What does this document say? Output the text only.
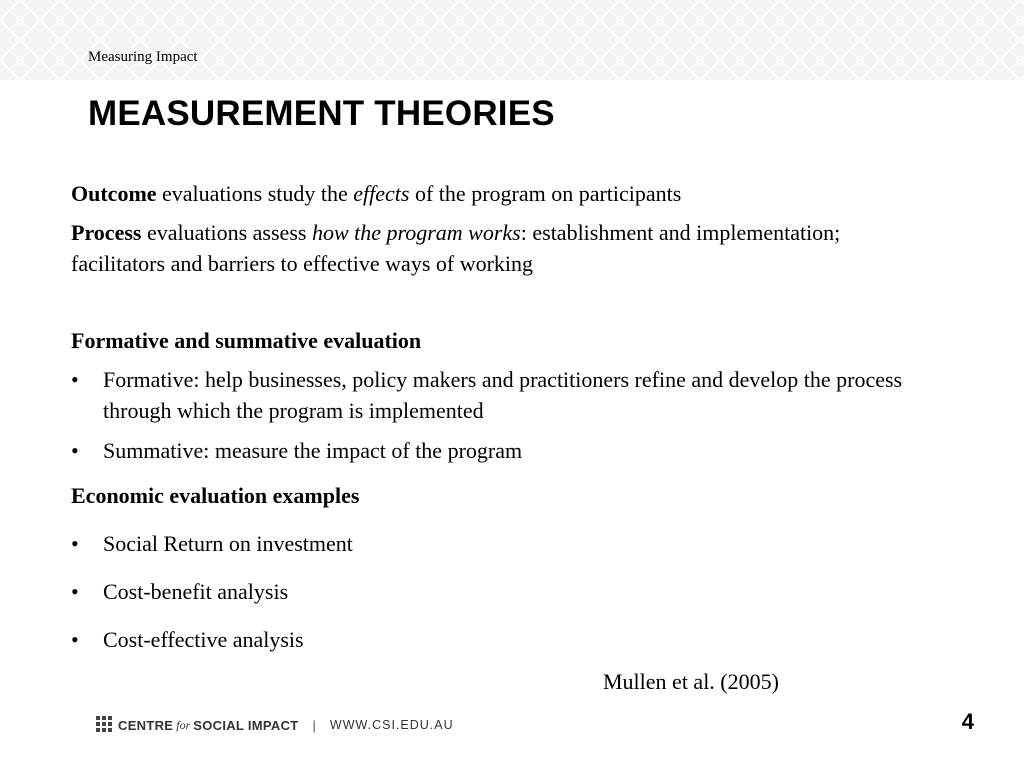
Measuring Impact
MEASUREMENT THEORIES

Outcome evaluations study the effects of the program on participants

Process evaluations assess how the program works: establishment and implementation; facilitators and barriers to effective ways of working

Formative and summative evaluation

• Formative: help businesses, policy makers and practitioners refine and develop the process through which the program is implemented
• Summative: measure the impact of the program

Economic evaluation examples

• Social Return on investment
• Cost-benefit analysis
• Cost-effective analysis
Mullen et al. (2005)
CENTRE for SOCIAL IMPACT | WWW.CSI.EDU.AU	4
